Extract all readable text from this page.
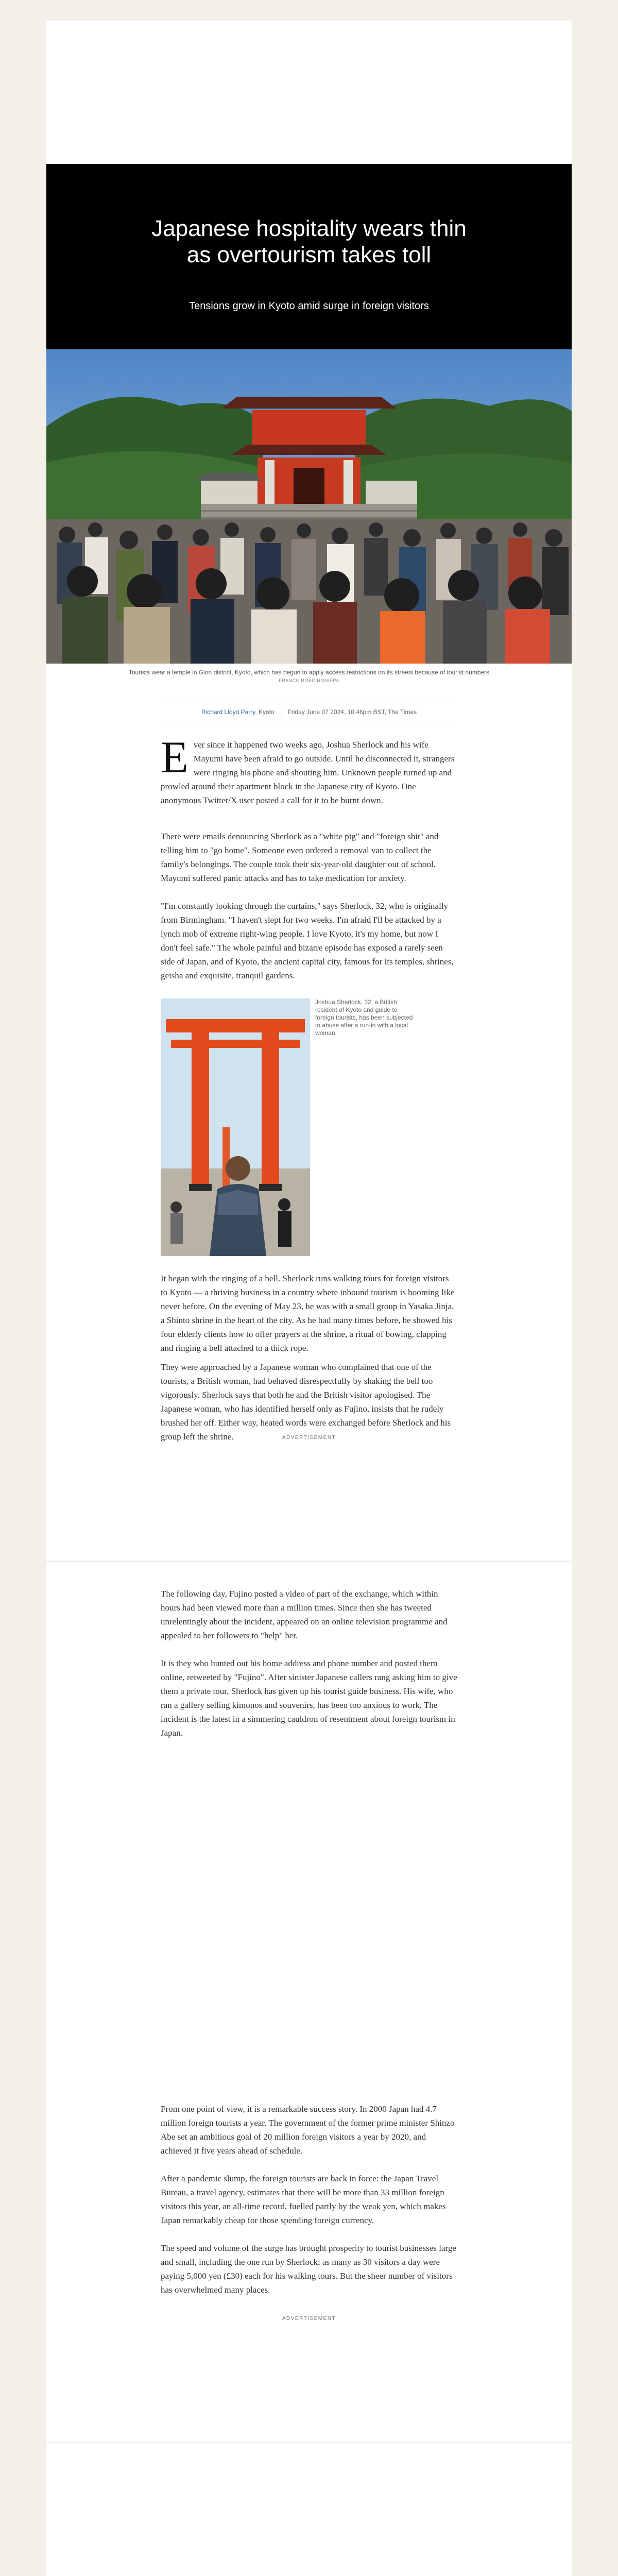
Japanese hospitality wears thin as overtourism takes toll

Tensions grow in Kyoto amid surge in foreign visitors

Tourists wear a temple in Gion district, Kyoto, which has begun to apply access restrictions on its streets because of tourist numbers

FRANCK ROBICHON/EPA

Richard Lloyd Parry, Kyoto | Friday June 07 2024, 10.46pm BST, The Times
Ever since it happened two weeks ago, Joshua Sherlock and his wife Mayumi have been afraid to go outside. Until he disconnected it, strangers were ringing his phone and shouting him. Unknown people turned up and prowled around their apartment block in the Japanese city of Kyoto. One anonymous Twitter/X user posted a call for it to be burnt down.

There were emails denouncing Sherlock as a "white pig" and "foreign shit" and telling him to "go home". Someone even ordered a removal van to collect the family's belongings. The couple took their six-year-old daughter out of school. Mayumi suffered panic attacks and has to take medication for anxiety.

"I'm constantly looking through the curtains," says Sherlock, 32, who is originally from Birmingham. "I haven't slept for two weeks. I'm afraid I'll be attacked by a lynch mob of extreme right-wing people. I love Kyoto, it's my home, but now I don't feel safe." The whole painful and bizarre episode has exposed a rarely seen side of Japan, and of Kyoto, the ancient capital city, famous for its temples, shrines, geisha and exquisite, tranquil gardens.

Joshua Sherlock, 32, a British resident of Kyoto and guide to foreign tourists, has been subjected to abuse after a run-in with a local woman

It began with the ringing of a bell. Sherlock runs walking tours for foreign visitors to Kyoto — a thriving business in a country where inbound tourism is booming like never before. On the evening of May 23, he was with a small group in Yasaka Jinja, a Shinto shrine in the heart of the city. As he had many times before, he showed his four elderly clients how to offer prayers at the shrine, a ritual of bowing, clapping and ringing a bell attached to a thick rope.

They were approached by a Japanese woman who complained that one of the tourists, a British woman, had behaved disrespectfully by shaking the bell too vigorously. Sherlock says that both he and the British visitor apologised. The Japanese woman, who has identified herself only as Fujino, insists that he rudely brushed her off. Either way, heated words were exchanged before Sherlock and his group left the shrine.	ADVERTISEMENT

The following day, Fujino posted a video of part of the exchange, which within hours had been viewed more than a million times. Since then she has tweeted unrelentingly about the incident, appeared on an online television programme and appealed to her followers to "help" her.

It is they who hunted out his home address and phone number and posted them online, retweeted by "Fujino". After sinister Japanese callers rang asking him to give them a private tour, Sherlock has given up his tourist guide business. His wife, who ran a gallery selling kimonos and souvenirs, has been too anxious to work. The incident is the latest in a simmering cauldron of resentment about foreign tourism in Japan.

From one point of view, it is a remarkable success story. In 2000 Japan had 4.7 million foreign tourists a year. The government of the former prime minister Shinzo Abe set an ambitious goal of 20 million foreign visitors a year by 2020, and achieved it five years ahead of schedule.

After a pandemic slump, the foreign tourists are back in force: the Japan Travel Bureau, a travel agency, estimates that there will be more than 33 million foreign visitors this year, an all-time record, fuelled partly by the weak yen, which makes Japan remarkably cheap for those spending foreign currency.

The speed and volume of the surge has brought prosperity to tourist businesses large and small, including the one run by Sherlock; as many as 30 visitors a day were paying 5,000 yen (£30) each for his walking tours. But the sheer number of visitors has overwhelmed many places.

ADVERTISEMENT
